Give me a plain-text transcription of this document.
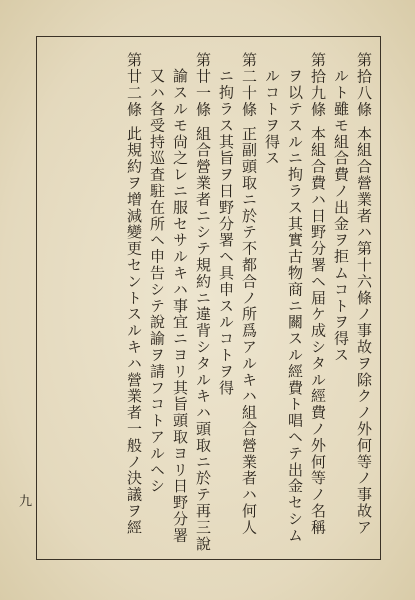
第拾八條本組合營業者ハ第十六條ノ事故ヲ除クノ外何等ノ事故ア
ルト雖モ組合費ノ出金ヲ拒ムコトヲ得ス
第拾九條本組合費ハ日野分署ヘ届ケ成シタル經費ノ外何等ノ名稱
ヲ以テスルニ拘ラス其實古物商ニ關スル經費ト唱ヘテ出金セシム
ルコトヲ得ス
第二十條正副頭取ニ於テ不都合ノ所爲アルキハ組合營業者ハ何人
ニ拘ラス其旨ヲ日野分署ヘ具申スルコトヲ得
第廿一條組合營業者ニシテ規約ニ違背シタルキハ頭取ニ於テ再三說
諭スルモ尙之レニ服セサルキハ事宜ニヨリ其旨頭取ヨリ日野分署
又ハ各受持巡査駐在所ヘ申告シテ說諭ヲ請フコトアルヘシ
第廿二條此規約ヲ增減變更セントスルキハ營業者一般ノ決議ヲ經
九
